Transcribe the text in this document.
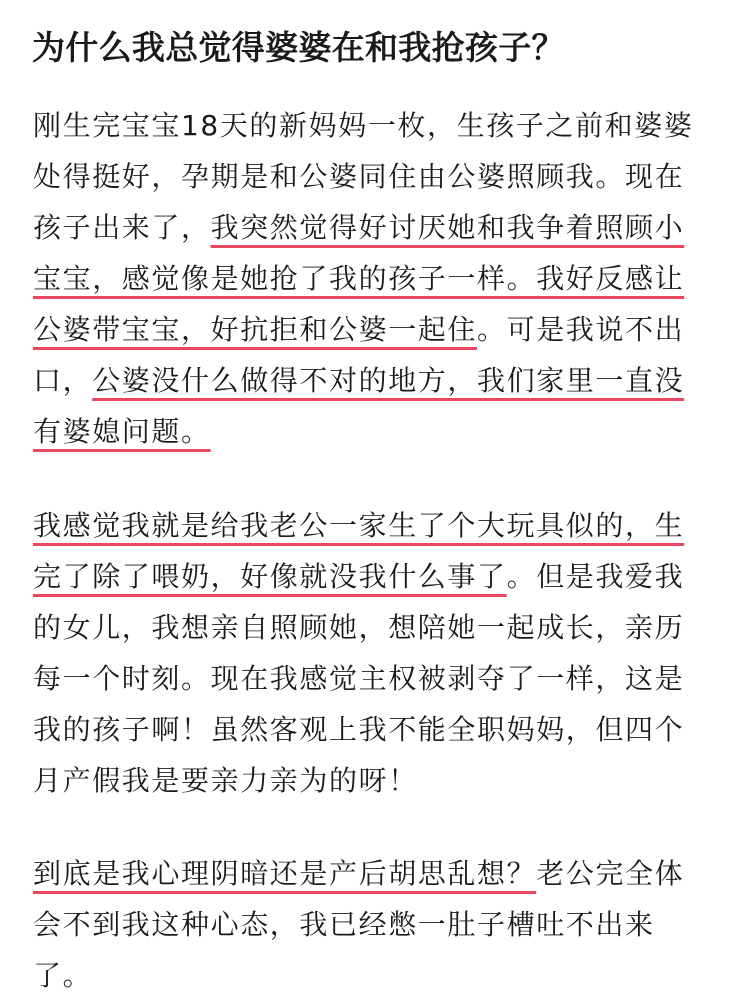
为什么我总觉得婆婆在和我抢孩子？
刚生完宝宝18天的新妈妈一枚，生孩子之前和婆婆
处得挺好，孕期是和公婆同住由公婆照顾我。现在
孩子出来了，我突然觉得好讨厌她和我争着照顾小
宝宝，感觉像是她抢了我的孩子一样。我好反感让
公婆带宝宝，好抗拒和公婆一起住。可是我说不出
口，公婆没什么做得不对的地方，我们家里一直没
有婆媳问题。
我感觉我就是给我老公一家生了个大玩具似的，生
完了除了喂奶，好像就没我什么事了。但是我爱我
的女儿，我想亲自照顾她，想陪她一起成长，亲历
每一个时刻。现在我感觉主权被剥夺了一样，这是
我的孩子啊！虽然客观上我不能全职妈妈，但四个
月产假我是要亲力亲为的呀！
到底是我心理阴暗还是产后胡思乱想？老公完全体
会不到我这种心态，我已经憋一肚子槽吐不出来
了。
